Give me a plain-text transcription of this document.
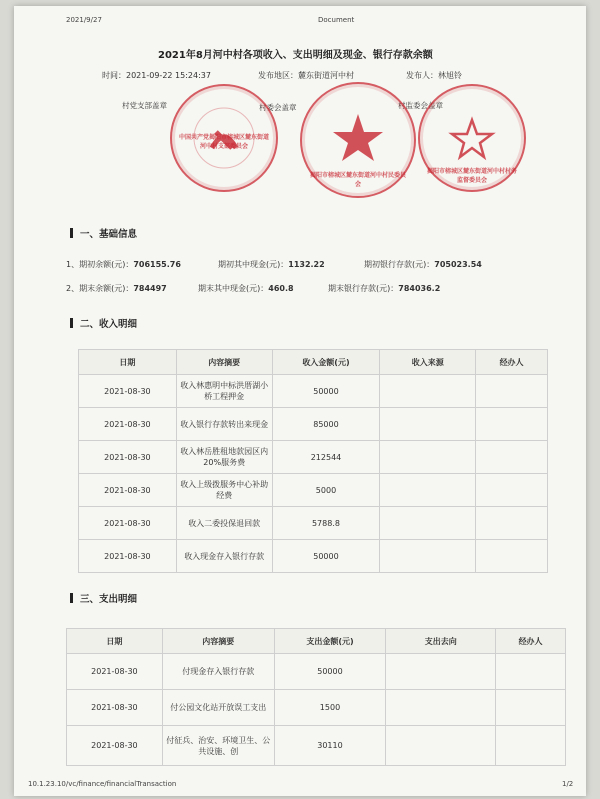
2021/9/27	Document
2021年8月河中村各项收入、支出明细及现金、银行存款余额
时间：2021-09-22 15:24:37	发布地区：麓东街道河中村	发布人：林旭铃
村党支部盖章	村委会盖章	村监委会盖章
中国共产党揭阳市榕城区麓东街道河中村支部委员会
揭阳市榕城区麓东街道河中村民委员会
揭阳市榕城区麓东街道河中村村务监督委员会
一、基础信息
1、期初余额(元)：706155.76	期初其中现金(元)：1132.22	期初银行存款(元)：705023.54
2、期末余额(元)：784497	期末其中现金(元)：460.8	期末银行存款(元)：784036.2
二、收入明细
日期	内容摘要	收入金额(元)	收入来源	经办人
2021-08-30	收入林惠明中标洪厝湖小桥工程押金	50000		
2021-08-30	收入银行存款转出来现金	85000		
2021-08-30	收入林岳胜租地款园区内20%服务费	212544		
2021-08-30	收入上级拨服务中心补助经费	5000		
2021-08-30	收入二委投保退回款	5788.8		
2021-08-30	收入现金存入银行存款	50000		
三、支出明细
日期	内容摘要	支出金额(元)	支出去向	经办人
2021-08-30	付现金存入银行存款	50000		
2021-08-30	付公园文化站开放误工支出	1500		
2021-08-30	付征兵、治安、环境卫生、公共设施、创	30110		
10.1.23.10/vc/finance/financialTransaction	1/2
